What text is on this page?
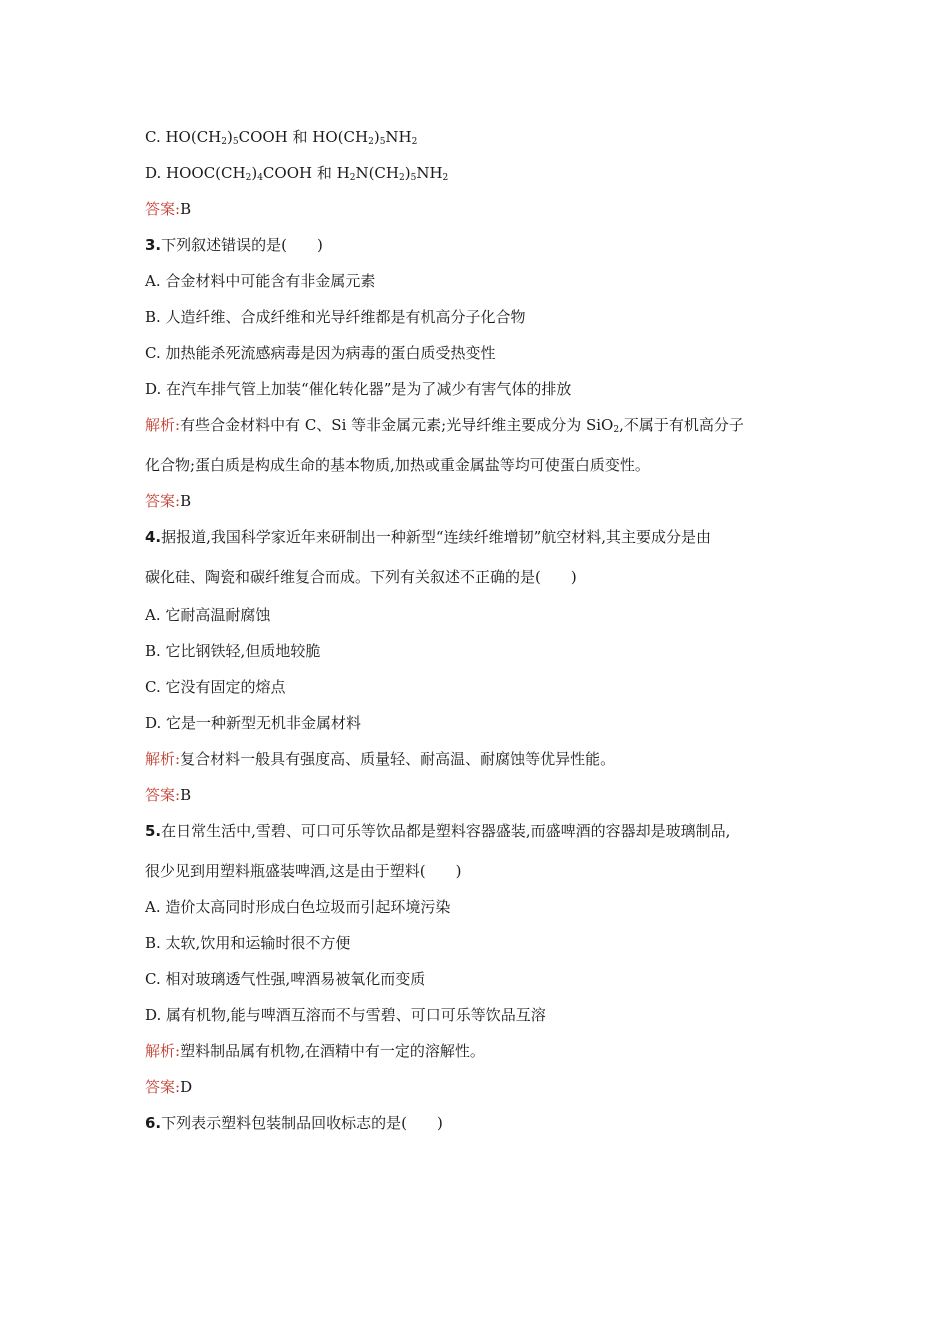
C. $HO(CH_2)_5COOH$ 和 $HO(CH_2)_5NH_2$
D. $HOOC(CH_2)_4COOH$ 和 $H_2N(CH_2)_5NH_2$
答案:B
3.下列叙述错误的是(　　)
A. 合金材料中可能含有非金属元素
B. 人造纤维、合成纤维和光导纤维都是有机高分子化合物
C. 加热能杀死流感病毒是因为病毒的蛋白质受热变性
D. 在汽车排气管上加装“催化转化器”是为了减少有害气体的排放
解析:有些合金材料中有 C、Si 等非金属元素;光导纤维主要成分为 SiO$_2$,不属于有机高分子
化合物;蛋白质是构成生命的基本物质,加热或重金属盐等均可使蛋白质变性。
答案:B
4.据报道,我国科学家近年来研制出一种新型“连续纤维增韧”航空材料,其主要成分是由
碳化硅、陶瓷和碳纤维复合而成。下列有关叙述不正确的是(　　)
A. 它耐高温耐腐蚀
B. 它比钢铁轻,但质地较脆
C. 它没有固定的熔点
D. 它是一种新型无机非金属材料
解析:复合材料一般具有强度高、质量轻、耐高温、耐腐蚀等优异性能。
答案:B
5.在日常生活中,雪碧、可口可乐等饮品都是塑料容器盛装,而盛啤酒的容器却是玻璃制品,
很少见到用塑料瓶盛装啤酒,这是由于塑料(　　)
A. 造价太高同时形成白色垃圾而引起环境污染
B. 太软,饮用和运输时很不方便
C. 相对玻璃透气性强,啤酒易被氧化而变质
D. 属有机物,能与啤酒互溶而不与雪碧、可口可乐等饮品互溶
解析:塑料制品属有机物,在酒精中有一定的溶解性。
答案:D
6.下列表示塑料包装制品回收标志的是(　　)
